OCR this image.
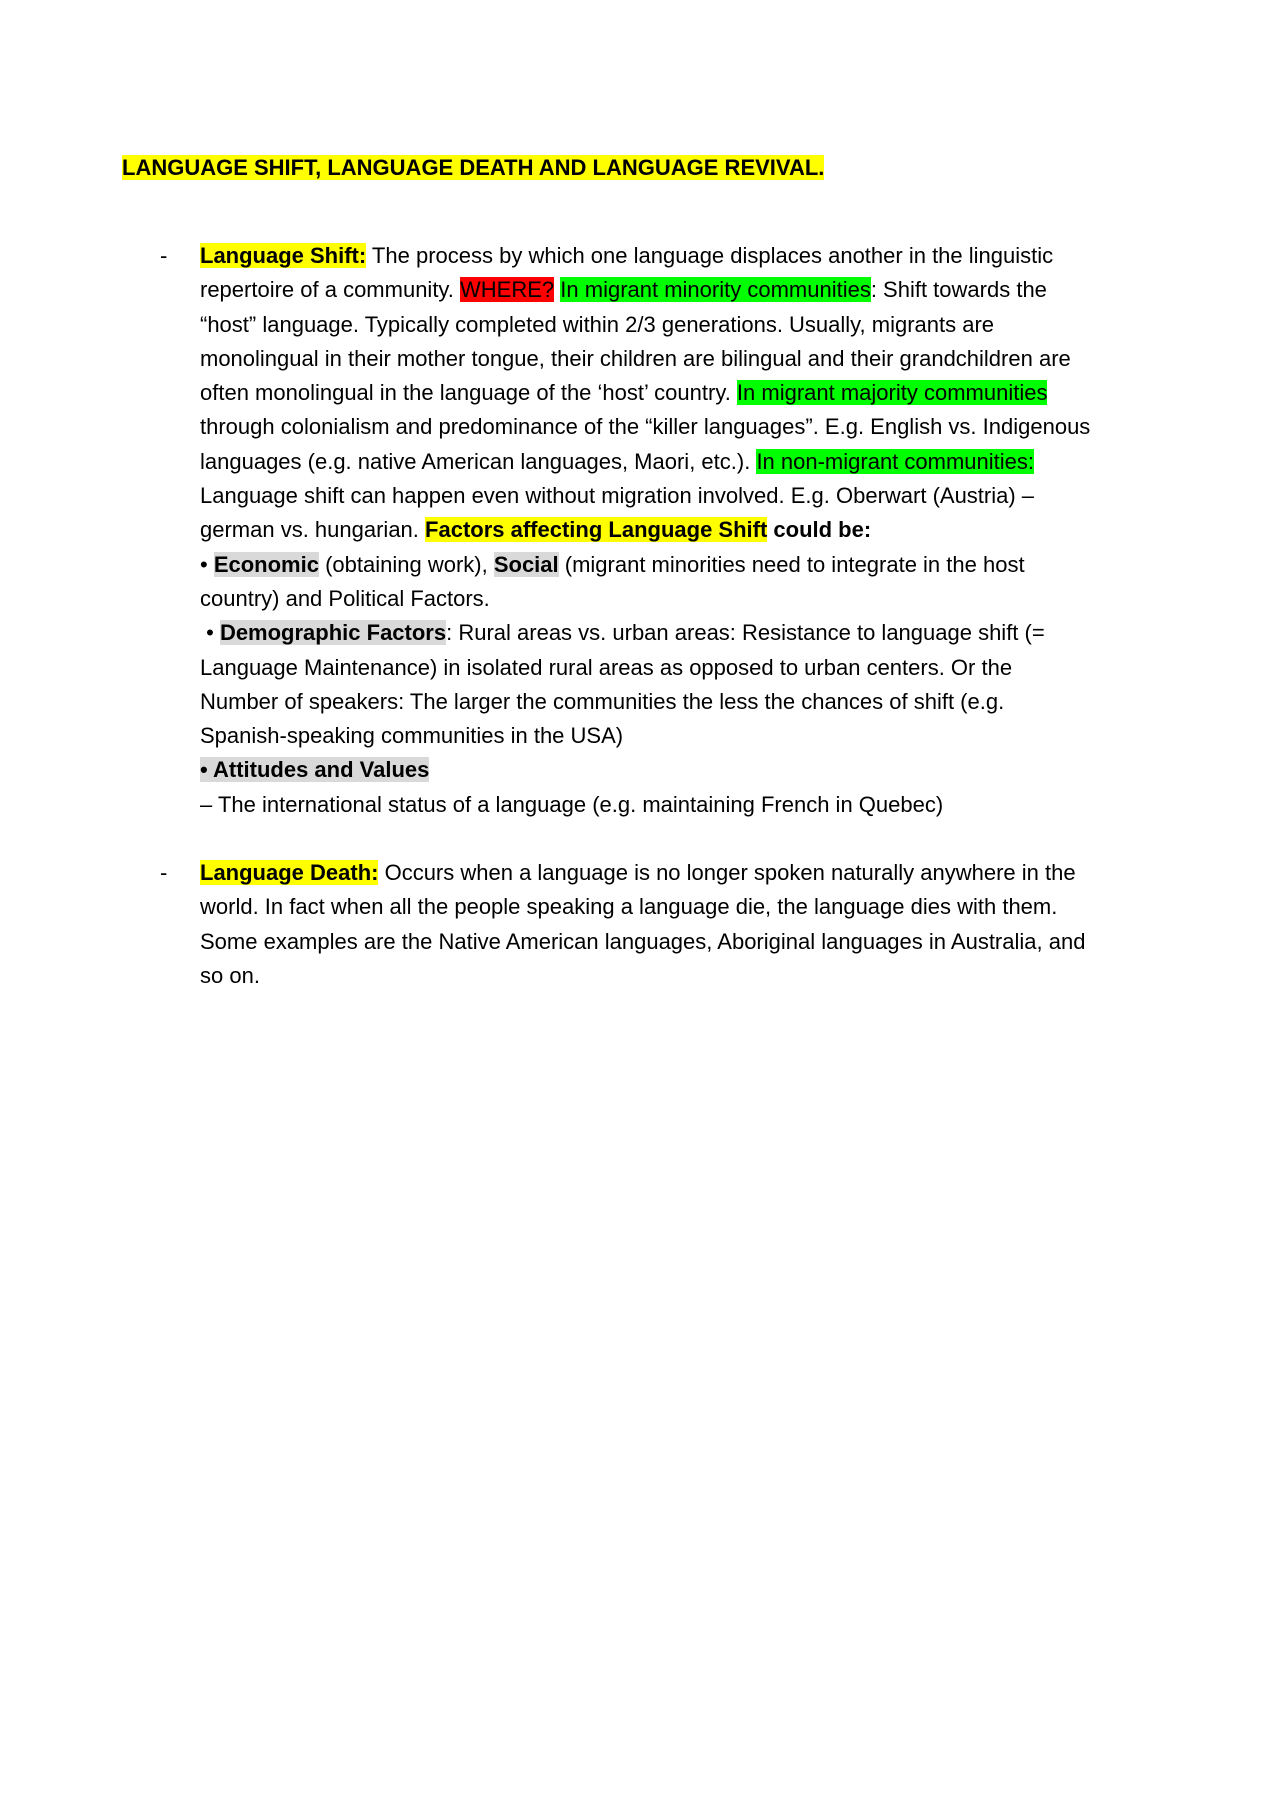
LANGUAGE SHIFT, LANGUAGE DEATH AND LANGUAGE REVIVAL.
- Language Shift: The process by which one language displaces another in the linguistic
repertoire of a community. WHERE? In migrant minority communities: Shift towards the
“host” language. Typically completed within 2/3 generations. Usually, migrants are
monolingual in their mother tongue, their children are bilingual and their grandchildren are
often monolingual in the language of the ‘host’ country. In migrant majority communities
through colonialism and predominance of the “killer languages”. E.g. English vs. Indigenous
languages (e.g. native American languages, Maori, etc.). In non-migrant communities:
Language shift can happen even without migration involved. E.g. Oberwart (Austria) –
german vs. hungarian. Factors affecting Language Shift could be:
• Economic (obtaining work), Social (migrant minorities need to integrate in the host
country) and Political Factors.
• Demographic Factors: Rural areas vs. urban areas: Resistance to language shift (=
Language Maintenance) in isolated rural areas as opposed to urban centers. Or the
Number of speakers: The larger the communities the less the chances of shift (e.g.
Spanish-speaking communities in the USA)
• Attitudes and Values
– The international status of a language (e.g. maintaining French in Quebec)
- Language Death: Occurs when a language is no longer spoken naturally anywhere in the
world. In fact when all the people speaking a language die, the language dies with them.
Some examples are the Native American languages, Aboriginal languages in Australia, and
so on.
